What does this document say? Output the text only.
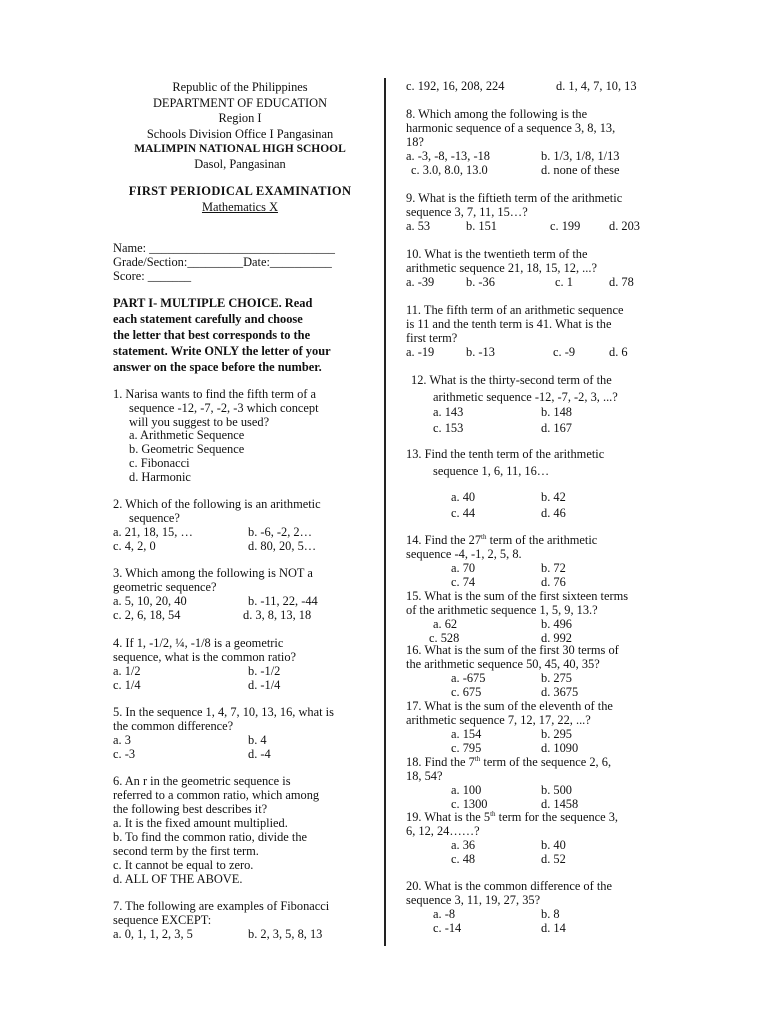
Republic of the Philippines
DEPARTMENT OF EDUCATION
Region I
Schools Division Office I Pangasinan
MALIMPIN NATIONAL HIGH SCHOOL
Dasol, Pangasinan
FIRST PERIODICAL EXAMINATION
Mathematics X
Name: ______________________________
Grade/Section:_________Date:__________
Score: _______
PART I- MULTIPLE CHOICE. Read
each statement carefully and choose
the letter that best corresponds to the
statement. Write ONLY the letter of your
answer on the space before the number.
1. Narisa wants to find the fifth term of a
sequence -12, -7, -2, -3 which concept
will you suggest to be used?
a. Arithmetic Sequence
b. Geometric Sequence
c. Fibonacci
d. Harmonic
2. Which of the following is an arithmetic
sequence?
a. 21, 18, 15, …	b. -6, -2, 2…
c. 4, 2, 0	d. 80, 20, 5…
3. Which among the following is NOT a
geometric sequence?
a. 5, 10, 20, 40	b. -11, 22, -44
c. 2, 6, 18, 54	d. 3, 8, 13, 18
4. If 1, -1/2, ¼, -1/8 is a geometric
sequence, what is the common ratio?
a. 1/2	b. -1/2
c. 1/4	d. -1/4
5. In the sequence 1, 4, 7, 10, 13, 16, what is
the common difference?
a. 3	b. 4
c. -3	d. -4
6. An r in the geometric sequence is
referred to a common ratio, which among
the following best describes it?
a. It is the fixed amount multiplied.
b. To find the common ratio, divide the
second term by the first term.
c. It cannot be equal to zero.
d. ALL OF THE ABOVE.
7. The following are examples of Fibonacci
sequence EXCEPT:
a. 0, 1, 1, 2, 3, 5	b. 2, 3, 5, 8, 13
c. 192, 16, 208, 224	d. 1, 4, 7, 10, 13
8. Which among the following is the
harmonic sequence of a sequence 3, 8, 13,
18?
a. -3, -8, -13, -18	b. 1/3, 1/8, 1/13
c. 3.0, 8.0, 13.0	d. none of these
9. What is the fiftieth term of the arithmetic
sequence 3, 7, 11, 15…?
a. 53	b. 151	c. 199 d. 203
10. What is the twentieth term of the
arithmetic sequence 21, 18, 15, 12, ...?
a. -39	b. -36	c. 1	d. 78
11. The fifth term of an arithmetic sequence
is 11 and the tenth term is 41. What is the
first term?
a. -19	b. -13	c. -9	d. 6
12. What is the thirty-second term of the
arithmetic sequence -12, -7, -2, 3, ...?
a. 143	b. 148
c. 153	d. 167
13. Find the tenth term of the arithmetic
sequence 1, 6, 11, 16…
a. 40	b. 42
c. 44	d. 46
14. Find the 27th term of the arithmetic
sequence -4, -1, 2, 5, 8.
a. 70	b. 72
c. 74	d. 76
15. What is the sum of the first sixteen terms
of the arithmetic sequence 1, 5, 9, 13.?
a. 62	b. 496
c. 528	d. 992
16. What is the sum of the first 30 terms of
the arithmetic sequence 50, 45, 40, 35?
a. -675	b. 275
c. 675	d. 3675
17. What is the sum of the eleventh of the
arithmetic sequence 7, 12, 17, 22, ...?
a. 154	b. 295
c. 795	d. 1090
18. Find the 7th term of the sequence 2, 6,
18, 54?
a. 100	b. 500
c. 1300	d. 1458
19. What is the 5th term for the sequence 3,
6, 12, 24……?
a. 36	b. 40
c. 48	d. 52
20. What is the common difference of the
sequence 3, 11, 19, 27, 35?
a. -8	b. 8
c. -14	d. 14
